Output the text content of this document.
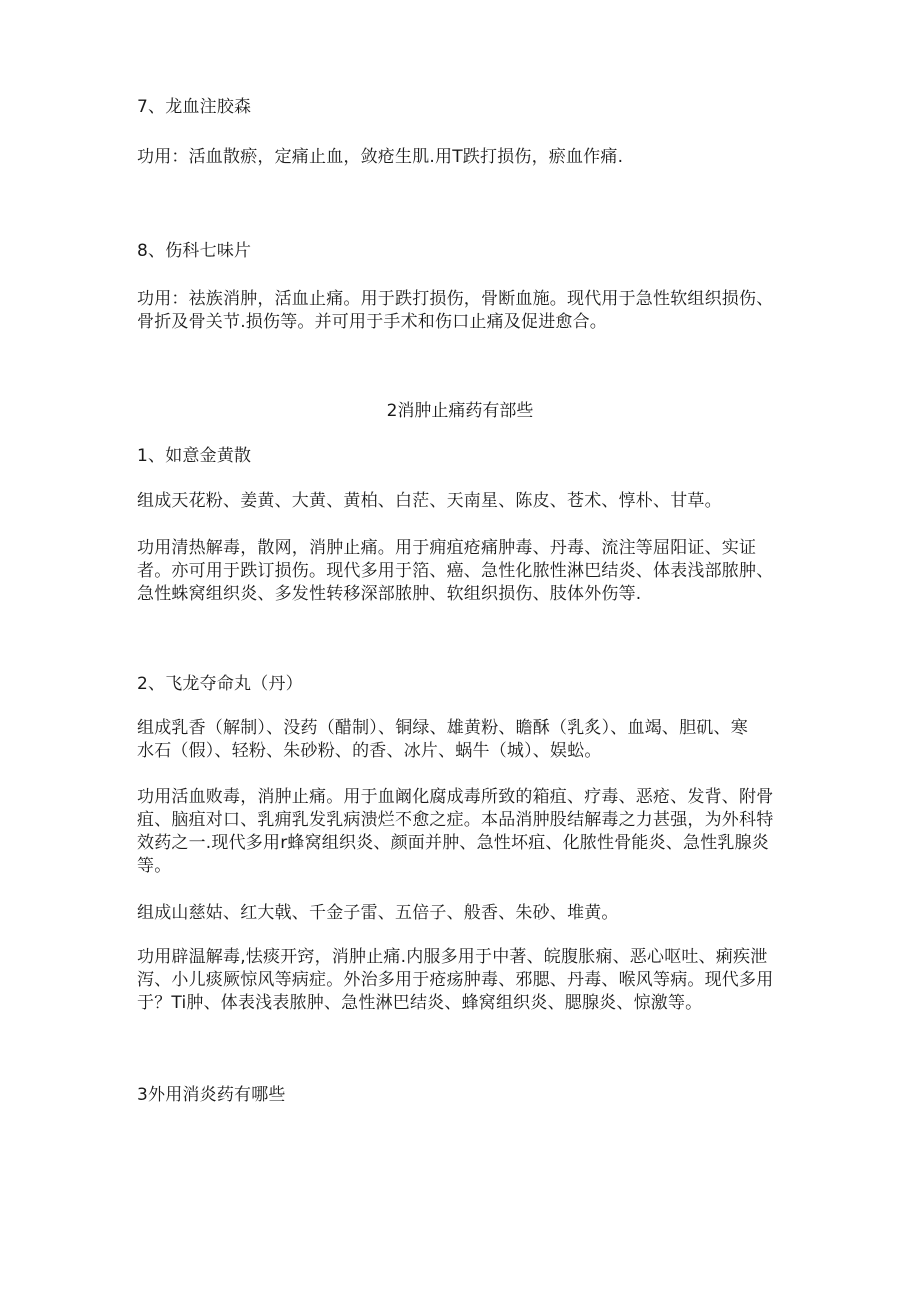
7、龙血注胶森
功用：活血散瘀，定痛止血，敛疮生肌.用T跌打损伤，瘀血作痛.
8、伤科七味片
功用：祛族消肿，活血止痛。用于跌打损伤，骨断血施。现代用于急性软组织损伤、
骨折及骨关节.损伤等。并可用于手术和伤口止痛及促进愈合。
2消肿止痛药有部些
1、如意金黄散
组成天花粉、姜黄、大黄、黄柏、白茫、天南星、陈皮、苍术、惇朴、甘草。
功用清热解毒，散网，消肿止痛。用于痈疽疮痛肿毒、丹毒、流注等屈阳证、实证
者。亦可用于跌订损伤。现代多用于箔、癌、急性化脓性淋巴结炎、体表浅部脓肿、
急性蛛窝组织炎、多发性转移深部脓肿、软组织损伤、肢体外伤等.
2、飞龙夺命丸（丹）
组成乳香（解制）、没药（醋制）、铜绿、雄黄粉、瞻酥（乳炙）、血竭、胆矶、寒
水石（假）、轻粉、朱砂粉、的香、冰片、蜗牛（城）、娱蚣。
功用活血败毒，消肿止痛。用于血阚化腐成毒所致的箱疽、疗毒、恶疮、发背、附骨
疽、脑疽对口、乳痈乳发乳病溃烂不愈之症。本品消肿股结解毒之力甚强，为外科特
效药之一.现代多用r蜂窝组织炎、颜面并肿、急性坏疽、化脓性骨能炎、急性乳腺炎
等。
组成山慈姑、红大戟、千金子雷、五倍子、般香、朱砂、堆黄。
功用辟温解毒,怯痰开窍，消肿止痛.内服多用于中著、皖腹胀痫、恶心呕吐、痢疾泄
泻、小儿痰厥惊风等病症。外治多用于疮疡肿毒、邪腮、丹毒、喉风等病。现代多用
于？Ti肿、体表浅表脓肿、急性淋巴结炎、蜂窝组织炎、腮腺炎、惊激等。
3外用消炎药有哪些
